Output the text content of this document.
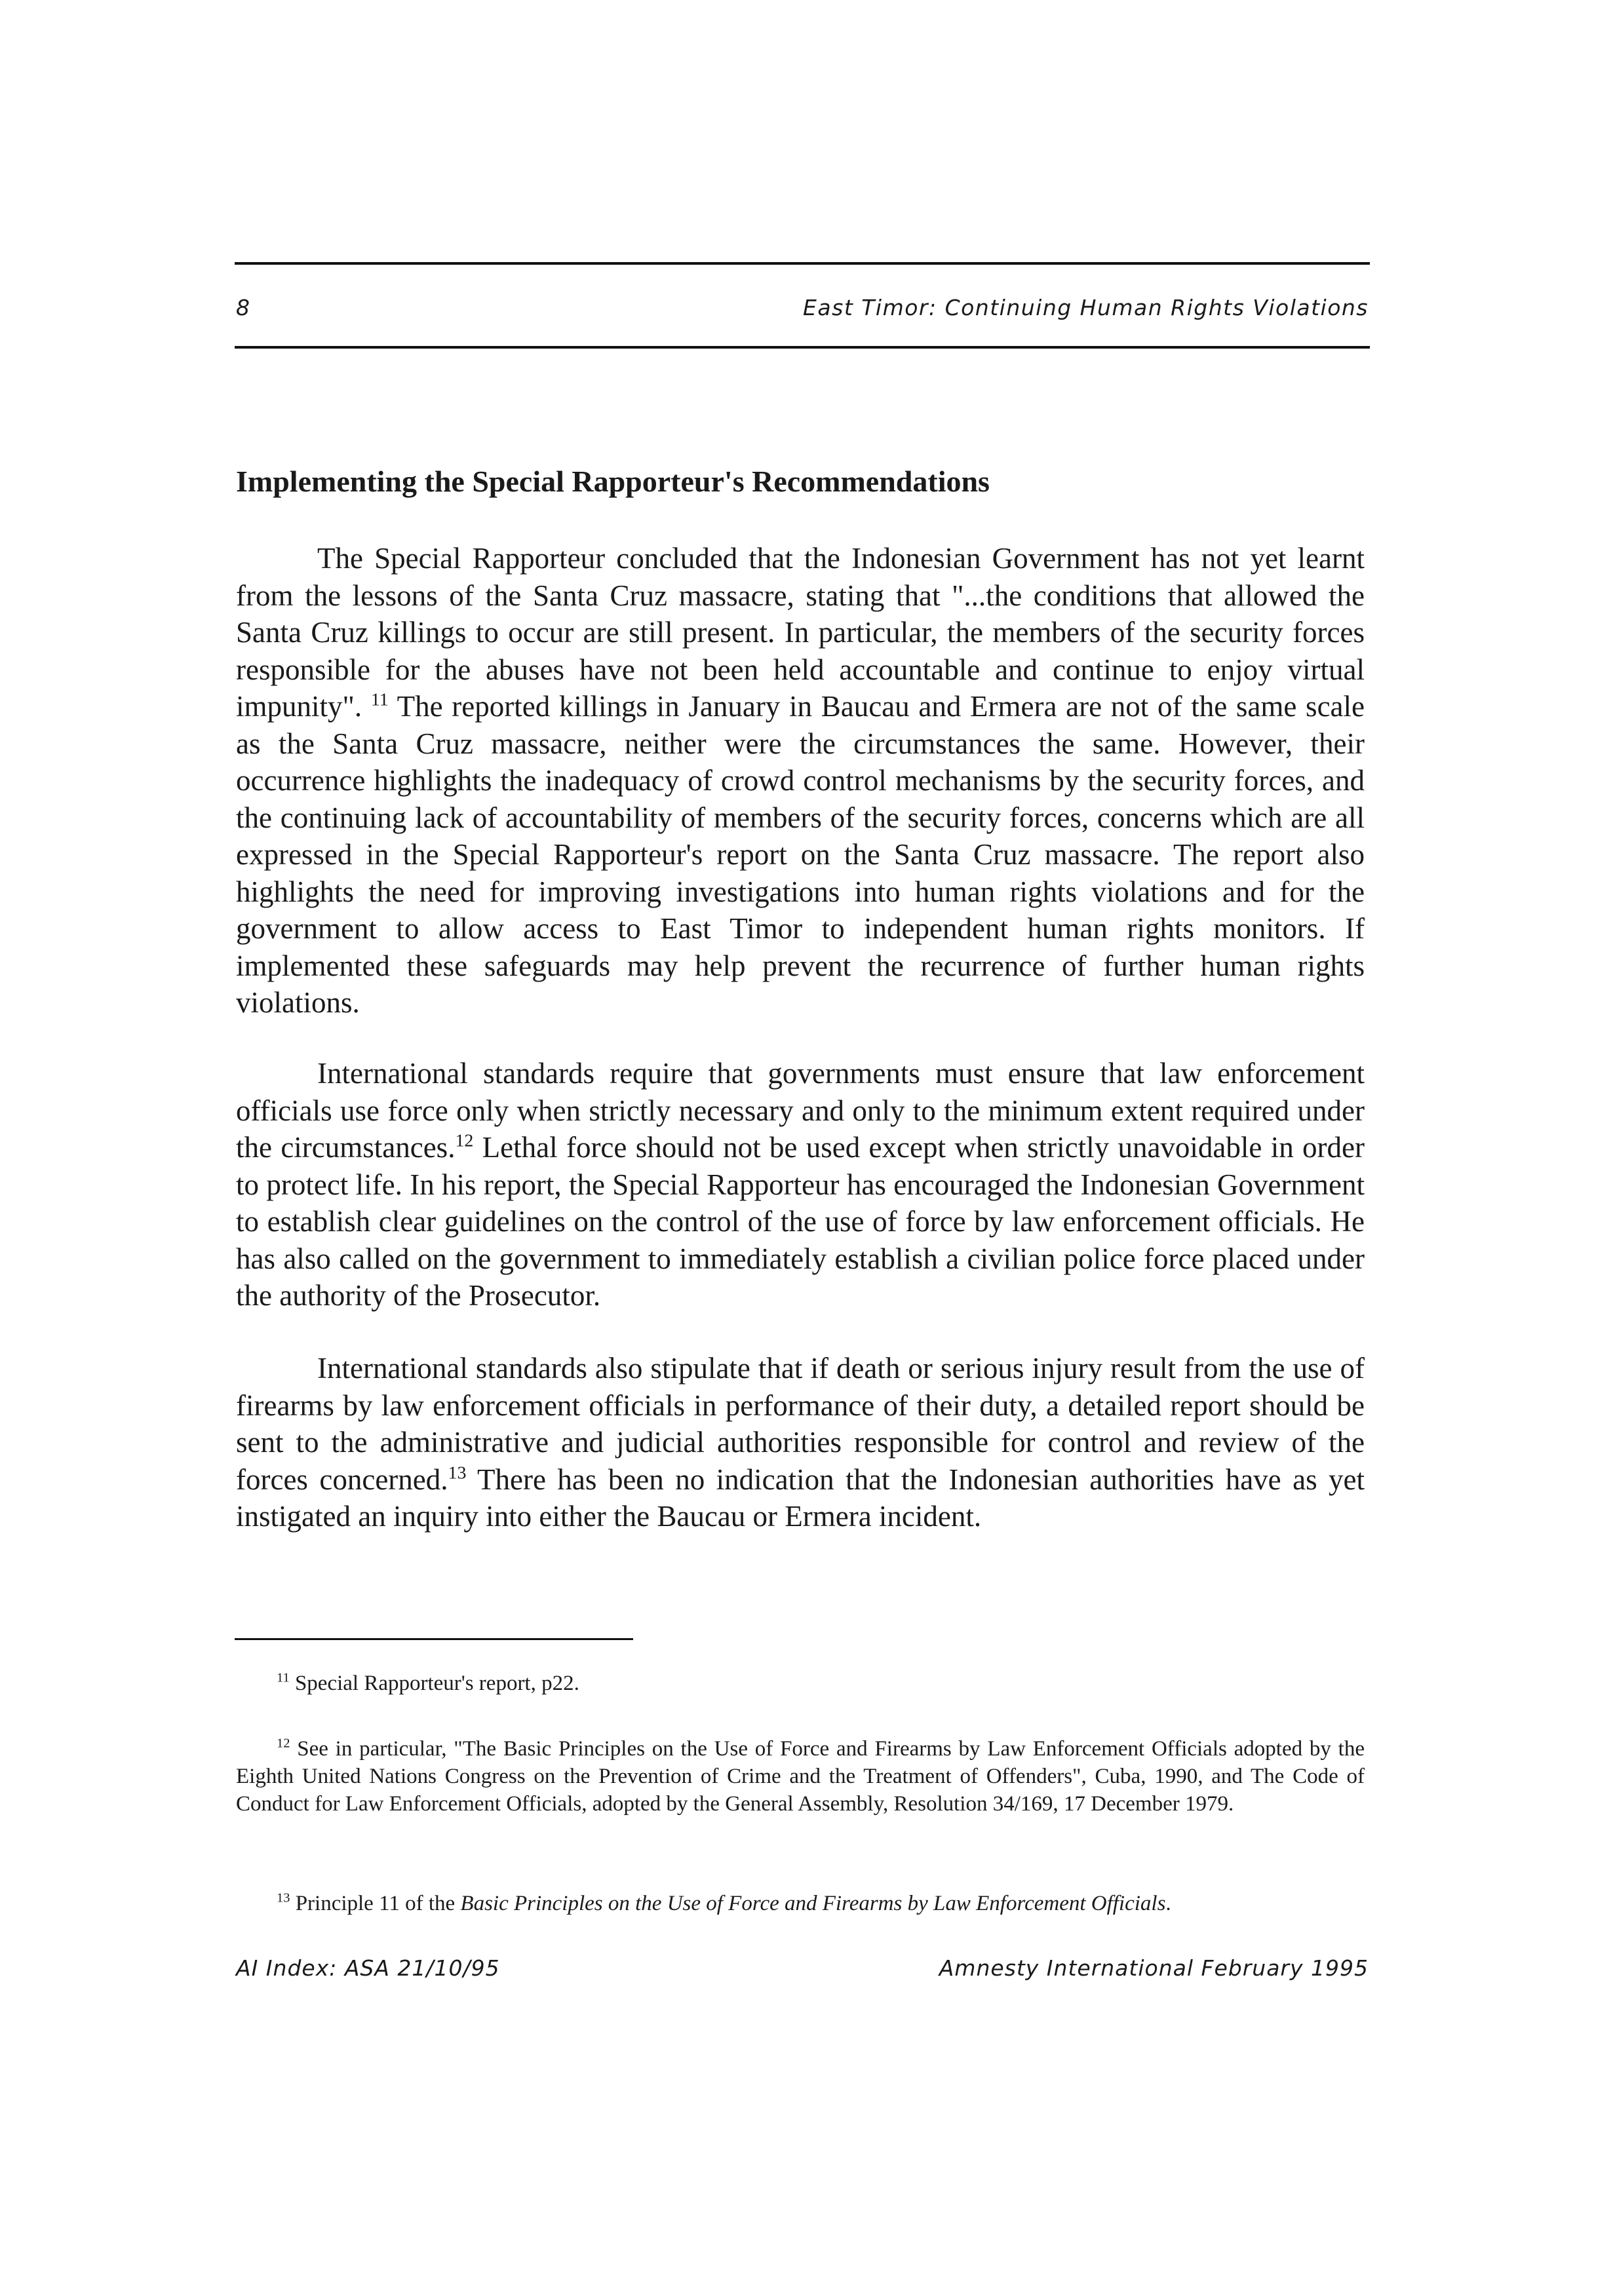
8	East Timor: Continuing Human Rights Violations
Implementing the Special Rapporteur's Recommendations

The Special Rapporteur concluded that the Indonesian Government has not yet learnt from the lessons of the Santa Cruz massacre, stating that "...the conditions that allowed the Santa Cruz killings to occur are still present. In particular, the members of the security forces responsible for the abuses have not been held accountable and continue to enjoy virtual impunity". $^{11}$ The reported killings in January in Baucau and Ermera are not of the same scale as the Santa Cruz massacre, neither were the circumstances the same. However, their occurrence highlights the inadequacy of crowd control mechanisms by the security forces, and the continuing lack of accountability of members of the security forces, concerns which are all expressed in the Special Rapporteur's report on the Santa Cruz massacre. The report also highlights the need for improving investigations into human rights violations and for the government to allow access to East Timor to independent human rights monitors. If implemented these safeguards may help prevent the recurrence of further human rights violations.

International standards require that governments must ensure that law enforcement officials use force only when strictly necessary and only to the minimum extent required under the circumstances.$^{12}$ Lethal force should not be used except when strictly unavoidable in order to protect life. In his report, the Special Rapporteur has encouraged the Indonesian Government to establish clear guidelines on the control of the use of force by law enforcement officials. He has also called on the government to immediately establish a civilian police force placed under the authority of the Prosecutor.

International standards also stipulate that if death or serious injury result from the use of firearms by law enforcement officials in performance of their duty, a detailed report should be sent to the administrative and judicial authorities responsible for control and review of the forces concerned.$^{13}$ There has been no indication that the Indonesian authorities have as yet instigated an inquiry into either the Baucau or Ermera incident.

$^{11}$ Special Rapporteur's report, p22.

$^{12}$ See in particular, "The Basic Principles on the Use of Force and Firearms by Law Enforcement Officials adopted by the Eighth United Nations Congress on the Prevention of Crime and the Treatment of Offenders", Cuba, 1990, and The Code of Conduct for Law Enforcement Officials, adopted by the General Assembly, Resolution 34/169, 17 December 1979.

$^{13}$ Principle 11 of the Basic Principles on the Use of Force and Firearms by Law Enforcement Officials.

AI Index: ASA 21/10/95	Amnesty International February 1995
